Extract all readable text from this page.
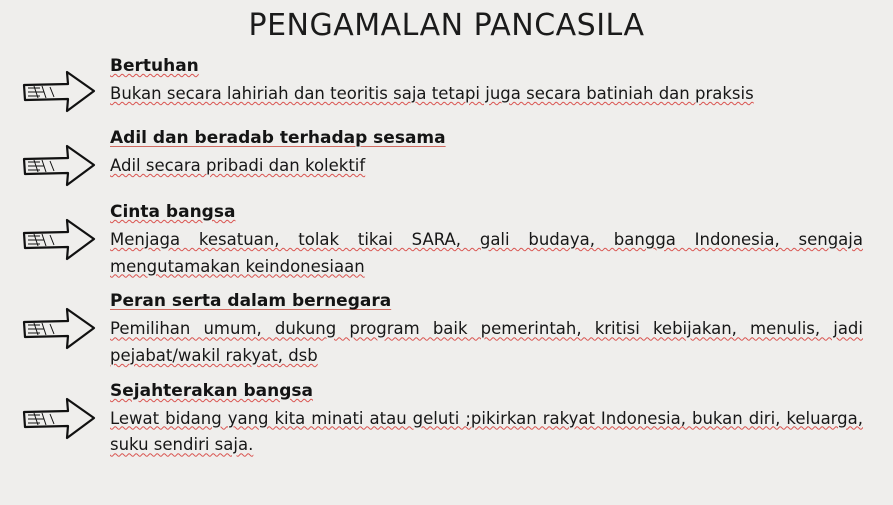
PENGAMALAN PANCASILA
Bertuhan

Bukan secara lahiriah dan teoritis saja tetapi juga secara batiniah dan praksis

Adil dan beradab terhadap sesama

Adil secara pribadi dan kolektif

Cinta bangsa

Menjaga kesatuan, tolak tikai SARA, gali budaya, bangga Indonesia, sengaja mengutamakan keindonesiaan

Peran serta dalam bernegara

Pemilihan umum, dukung program baik pemerintah, kritisi kebijakan, menulis, jadi pejabat/wakil rakyat, dsb

Sejahterakan bangsa

Lewat bidang yang kita minati atau geluti ;pikirkan rakyat Indonesia, bukan diri, keluarga, suku sendiri saja.
